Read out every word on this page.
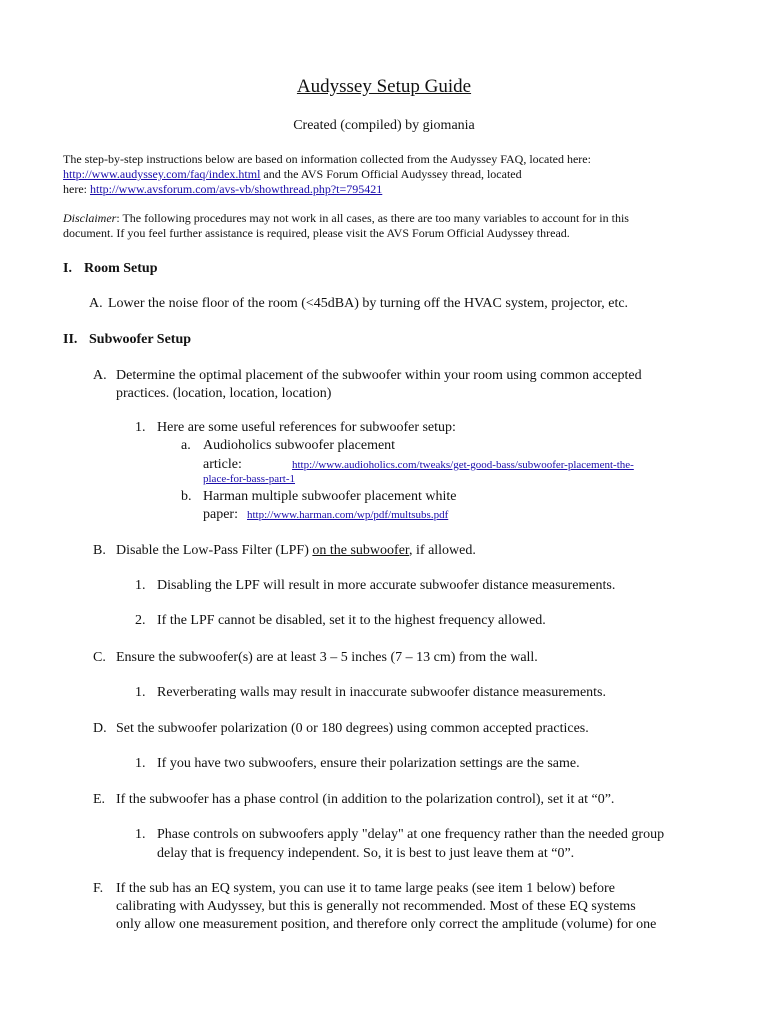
Audyssey Setup Guide
Created (compiled) by giomania
The step-by-step instructions below are based on information collected from the Audyssey FAQ, located here:
http://www.audyssey.com/faq/index.html and the AVS Forum Official Audyssey thread, located
here: http://www.avsforum.com/avs-vb/showthread.php?t=795421
Disclaimer: The following procedures may not work in all cases, as there are too many variables to account for in this
document. If you feel further assistance is required, please visit the AVS Forum Official Audyssey thread.
I. Room Setup
A. Lower the noise floor of the room (<45dBA) by turning off the HVAC system, projector, etc.
II. Subwoofer Setup
A. Determine the optimal placement of the subwoofer within your room using common accepted
practices. (location, location, location)
1. Here are some useful references for subwoofer setup:
a. Audioholics subwoofer placement
article:	http://www.audioholics.com/tweaks/get-good-bass/subwoofer-placement-the-
place-for-bass-part-1
b. Harman multiple subwoofer placement white
paper: http://www.harman.com/wp/pdf/multsubs.pdf
B. Disable the Low-Pass Filter (LPF) on the subwoofer, if allowed.
1. Disabling the LPF will result in more accurate subwoofer distance measurements.
2. If the LPF cannot be disabled, set it to the highest frequency allowed.
C. Ensure the subwoofer(s) are at least 3 – 5 inches (7 – 13 cm) from the wall.
1. Reverberating walls may result in inaccurate subwoofer distance measurements.
D. Set the subwoofer polarization (0 or 180 degrees) using common accepted practices.
1. If you have two subwoofers, ensure their polarization settings are the same.
E. If the subwoofer has a phase control (in addition to the polarization control), set it at “0”.
1. Phase controls on subwoofers apply "delay" at one frequency rather than the needed group
delay that is frequency independent. So, it is best to just leave them at “0”.
F. If the sub has an EQ system, you can use it to tame large peaks (see item 1 below) before
calibrating with Audyssey, but this is generally not recommended. Most of these EQ systems
only allow one measurement position, and therefore only correct the amplitude (volume) for one
